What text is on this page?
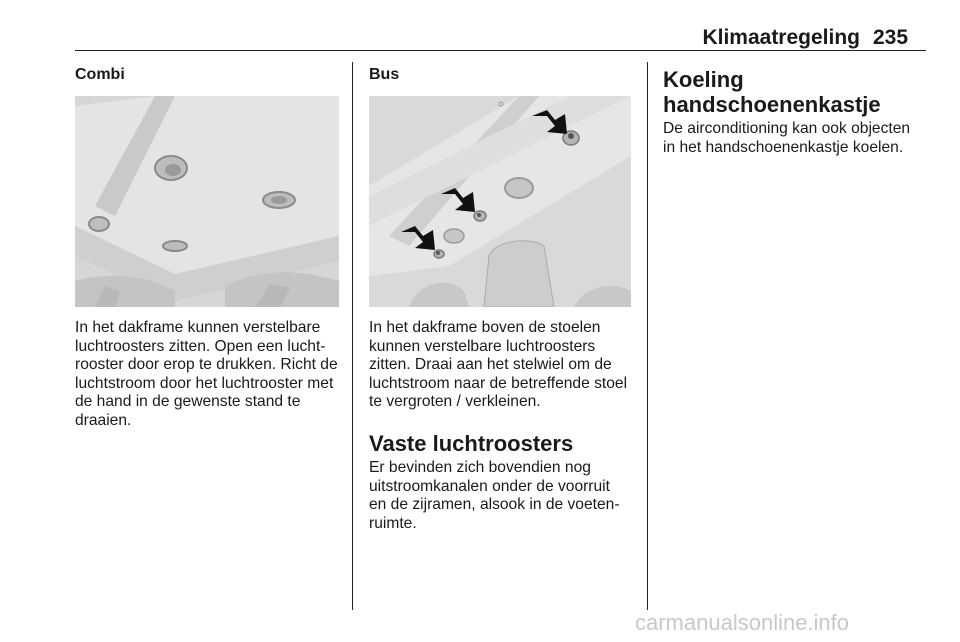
Klimaatregeling 235
Combi

In het dakframe kunnen verstelbare
luchtroosters zitten. Open een lucht-
rooster door erop te drukken. Richt de
luchtstroom door het luchtrooster met
de hand in de gewenste stand te
draaien.

Bus

In het dakframe boven de stoelen
kunnen verstelbare luchtroosters
zitten. Draai aan het stelwiel om de
luchtstroom naar de betreffende stoel
te vergroten / verkleinen.

Vaste luchtroosters

Er bevinden zich bovendien nog
uitstroomkanalen onder de voorruit
en de zijramen, alsook in de voeten-
ruimte.

Koeling
handschoenenkastje

De airconditioning kan ook objecten
in het handschoenenkastje koelen.

carmanualsonline.info
